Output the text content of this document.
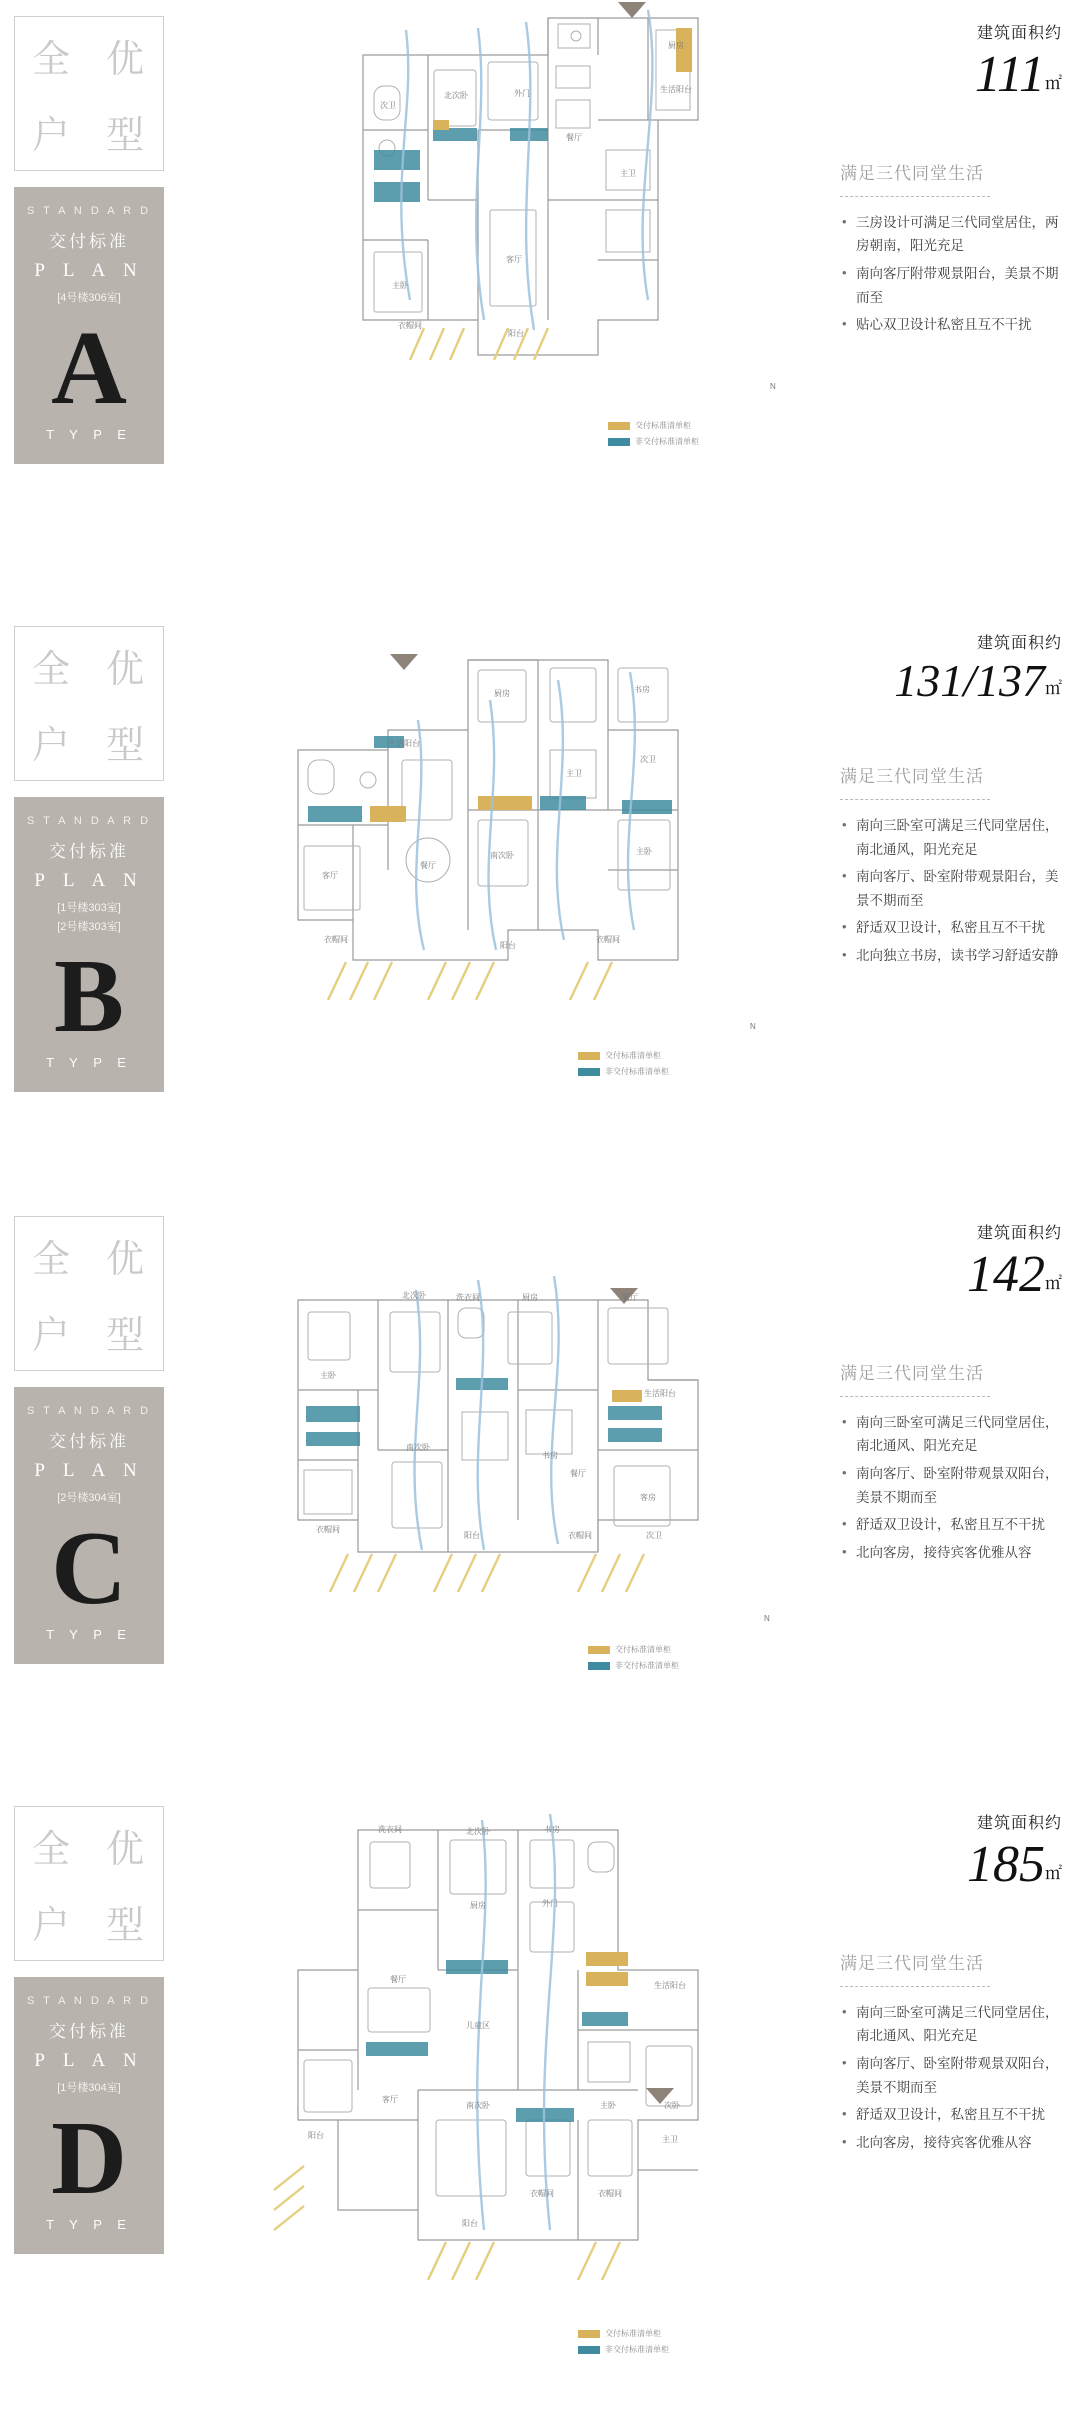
全 优
户 型
S T A N D A R D
交付标准
P L A N
[4号楼306室]
A
T Y P E
厨房
生活阳台
次卫
北次卧	外门
餐厅
主卧
客厅
阳台
衣帽间
主卫
交付标准清单柜
非交付标准清单柜
N
建筑面积约
111㎡
满足三代同堂生活
• 三房设计可满足三代同堂居住，两房朝南，阳光充足
• 南向客厅附带观景阳台，美景不期而至
• 贴心双卫设计私密且互不干扰
全 优
户 型
S T A N D A R D
交付标准
P L A N
[1号楼303室]
[2号楼303室]
B
T Y P E
生活阳台
厨房	书房
次卫
客厅
餐厅
南次卧	主卧
阳台
衣帽间	衣帽间
主卫
交付标准清单柜
非交付标准清单柜
N
建筑面积约
131/137㎡
满足三代同堂生活
• 南向三卧室可满足三代同堂居住，南北通风，阳光充足
• 南向客厅、卧室附带观景阳台，美景不期而至
• 舒适双卫设计，私密且互不干扰
• 北向独立书房，读书学习舒适安静
全 优
户 型
S T A N D A R D
交付标准
P L A N
[2号楼304室]
C
T Y P E
洗衣间
北次卧	厨房	餐厅
生活阳台
主卧
南次卧
书房
餐厅
客房
阳台
衣帽间
衣帽间	次卫
交付标准清单柜
非交付标准清单柜
N
建筑面积约
142㎡
满足三代同堂生活
• 南向三卧室可满足三代同堂居住，南北通风、阳光充足
• 南向客厅、卧室附带观景双阳台，美景不期而至
• 舒适双卫设计，私密且互不干扰
• 北向客房，接待宾客优雅从容
全 优
户 型
S T A N D A R D
交付标准
P L A N
[1号楼304室]
D
T Y P E
洗衣间	北次卧	书房
厨房	外门
生活阳台
餐厅
儿童区
客厅
南次卧	主卧	次卧
阳台
阳台
衣帽间	衣帽间
主卫
交付标准清单柜
非交付标准清单柜
建筑面积约
185㎡
满足三代同堂生活
• 南向三卧室可满足三代同堂居住，南北通风、阳光充足
• 南向客厅、卧室附带观景双阳台，美景不期而至
• 舒适双卫设计，私密且互不干扰
• 北向客房，接待宾客优雅从容
